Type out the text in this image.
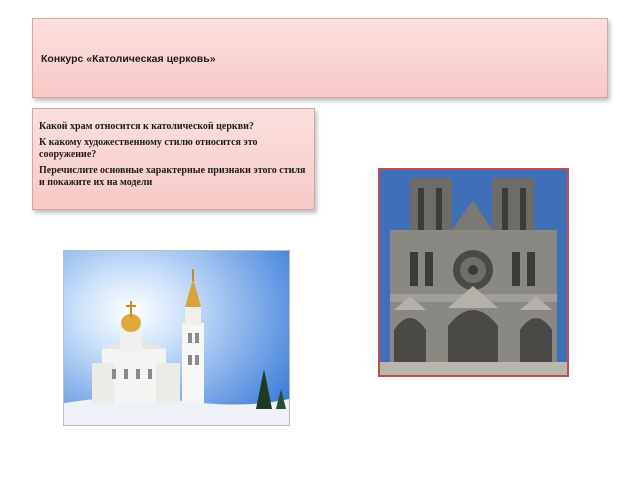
Конкурс «Католическая церковь»

Какой храм относится к католической церкви?

К какому художественному стилю относится это сооружение?

Перечислите основные характерные признаки этого стиля и покажите их на модели
